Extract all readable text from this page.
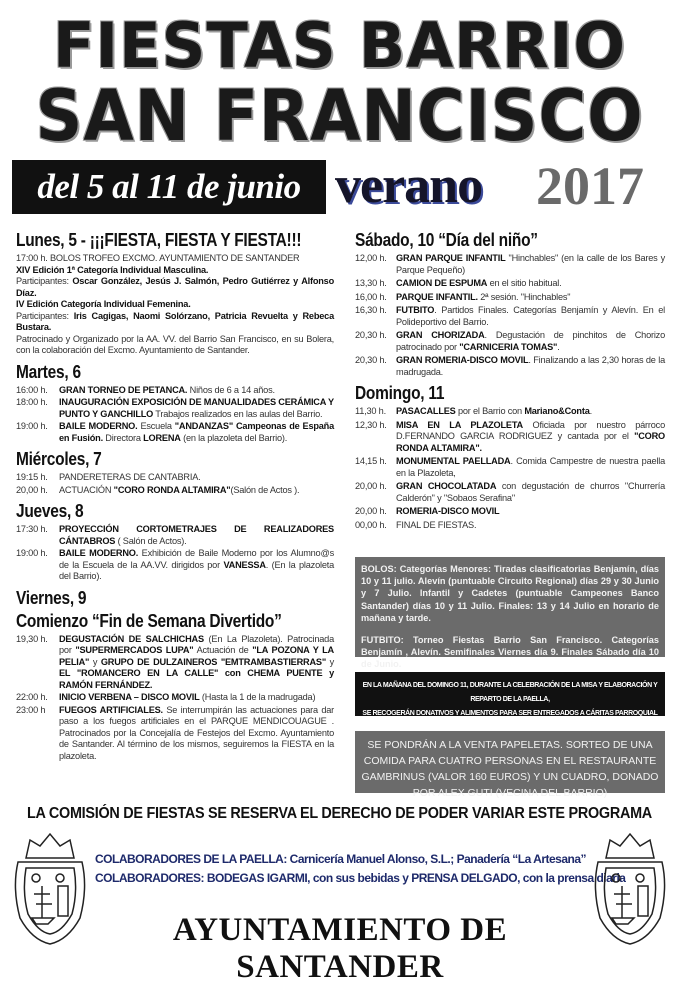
FIESTAS BARRIO
SAN FRANCISCO
del 5 al 11 de junio verano 2017
Lunes, 5 - ¡¡¡FIESTA, FIESTA Y FIESTA!!!

17:00 h. BOLOS TROFEO EXCMO. AYUNTAMIENTO DE SANTANDER

XIV Edición 1ª Categoría Individual Masculina.

Participantes: Oscar González, Jesús J. Salmón, Pedro Gutiérrez y Alfonso Díaz.

IV Edición Categoría Individual Femenina.

Participantes: Iris Cagigas, Naomi Solórzano, Patricia Revuelta y Rebeca Bustara.

Patrocinado y Organizado por la AA. VV. del Barrio San Francisco, en su Bolera, con la colaboración del Excmo. Ayuntamiento de Santander.

Martes, 6
16:00 h.	GRAN TORNEO DE PETANCA. Niños de 6 a 14 años.
18:00 h.	INAUGURACIÓN EXPOSICIÓN DE MANUALIDADES CERÁMICA Y PUNTO Y GANCHILLO Trabajos realizados en las aulas del Barrio.
19:00 h.	BAILE MODERNO. Escuela "ANDANZAS" Campeonas de España en Fusión. Directora LORENA (en la plazoleta del Barrio).
Miércoles, 7
19:15 h.	PANDERETERAS DE CANTABRIA.
20,00 h.	ACTUACIÓN "CORO RONDA ALTAMIRA"(Salón de Actos ).
Jueves, 8
17:30 h.	PROYECCIÓN CORTOMETRAJES DE REALIZADORES CÁNTABROS ( Salón de Actos).
19:00 h.	BAILE MODERNO. Exhibición de Baile Moderno por los Alumno@s de la Escuela de la AA.VV. dirigidos por VANESSA. (En la plazoleta del Barrio).
Viernes, 9
Comienzo “Fin de Semana Divertido”
19,30 h.	DEGUSTACIÓN DE SALCHICHAS (En La Plazoleta). Patrocinada por "SUPERMERCADOS LUPA" Actuación de "LA POZONA Y LA PELIA" y GRUPO DE DULZAINEROS "EMTRAMBASTIERRAS" y EL "ROMANCERO EN LA CALLE" con CHEMA PUENTE y RAMÓN FERNÁNDEZ.
22:00 h.	INICIO VERBENA – DISCO MOVIL (Hasta la 1 de la madrugada)
23:00 h	FUEGOS ARTIFICIALES. Se interrumpirán las actuaciones para dar paso a los fuegos artificiales en el PARQUE MENDICOUAGUE . Patrocinados por la Concejalía de Festejos del Excmo. Ayuntamiento de Santander. Al término de los mismos, seguiremos la FIESTA en la plazoleta.
Sábado, 10 “Día del niño”
12,00 h.	GRAN PARQUE INFANTIL "Hinchables" (en la calle de los Bares y Parque Pequeño)
13,30 h.	CAMION DE ESPUMA en el sitio habitual.
16,00 h.	PARQUE INFANTIL. 2ª sesión. "Hinchables"
16,30 h.	FUTBITO. Partidos Finales. Categorías Benjamín y Alevín. En el Polideportivo del Barrio.
20,30 h.	GRAN CHORIZADA. Degustación de pinchitos de Chorizo patrocinado por "CARNICERIA TOMAS".
20,30 h.	GRAN ROMERIA-DISCO MOVIL. Finalizando a las 2,30 horas de la madrugada.
Domingo, 11
11,30 h.	PASACALLES por el Barrio con Mariano&Conta.
12,30 h.	MISA EN LA PLAZOLETA Oficiada por nuestro párroco D.FERNANDO GARCIA RODRIGUEZ y cantada por el "CORO RONDA ALTAMIRA".
14,15 h.	MONUMENTAL PAELLADA. Comida Campestre de nuestra paella en la Plazoleta,
20,00 h.	GRAN CHOCOLATADA con degustación de churros "Churrería Calderón" y "Sobaos Serafina"
20,00 h.	ROMERIA-DISCO MOVIL
00,00 h.	FINAL DE FIESTAS.

BOLOS: Categorías Menores: Tiradas clasificatorias Benjamín, días 10 y 11 julio. Alevín (puntuable Circuito Regional) días 29 y 30 Junio y 7 Julio. Infantil y Cadetes (puntuable Campeones Banco Santander) días 10 y 11 Julio. Finales: 13 y 14 Julio en horario de mañana y tarde.

FUTBITO: Torneo Fiestas Barrio San Francisco. Categorías Benjamín , Alevín. Semifinales Viernes día 9. Finales Sábado día 10 de Junio.

EN LA MAÑANA DEL DOMINGO 11, DURANTE LA CELEBRACIÓN DE LA MISA Y ELABORACIÓN Y REPARTO DE LA PAELLA,
SE RECOGERÁN DONATIVOS Y ALIMENTOS PARA SER ENTREGADOS A CÁRITAS PARROQUIAL SAN JUAN BAUTISTA
SE PONDRÁN A LA VENTA PAPELETAS. SORTEO DE UNA COMIDA PARA CUATRO PERSONAS EN EL RESTAURANTE GAMBRINUS (VALOR 160 EUROS) Y UN CUADRO, DONADO POR ALEX GUTI (VECINA DEL BARRIO)
LA COMISIÓN DE FIESTAS SE RESERVA EL DERECHO DE PODER VARIAR ESTE PROGRAMA
COLABORADORES DE LA PAELLA: Carnicería Manuel Alonso, S.L.; Panadería “La Artesana”
COLABORADORES: BODEGAS IGARMI, con sus bebidas y PRENSA DELGADO, con la prensa diaria
AYUNTAMIENTO DE SANTANDER
